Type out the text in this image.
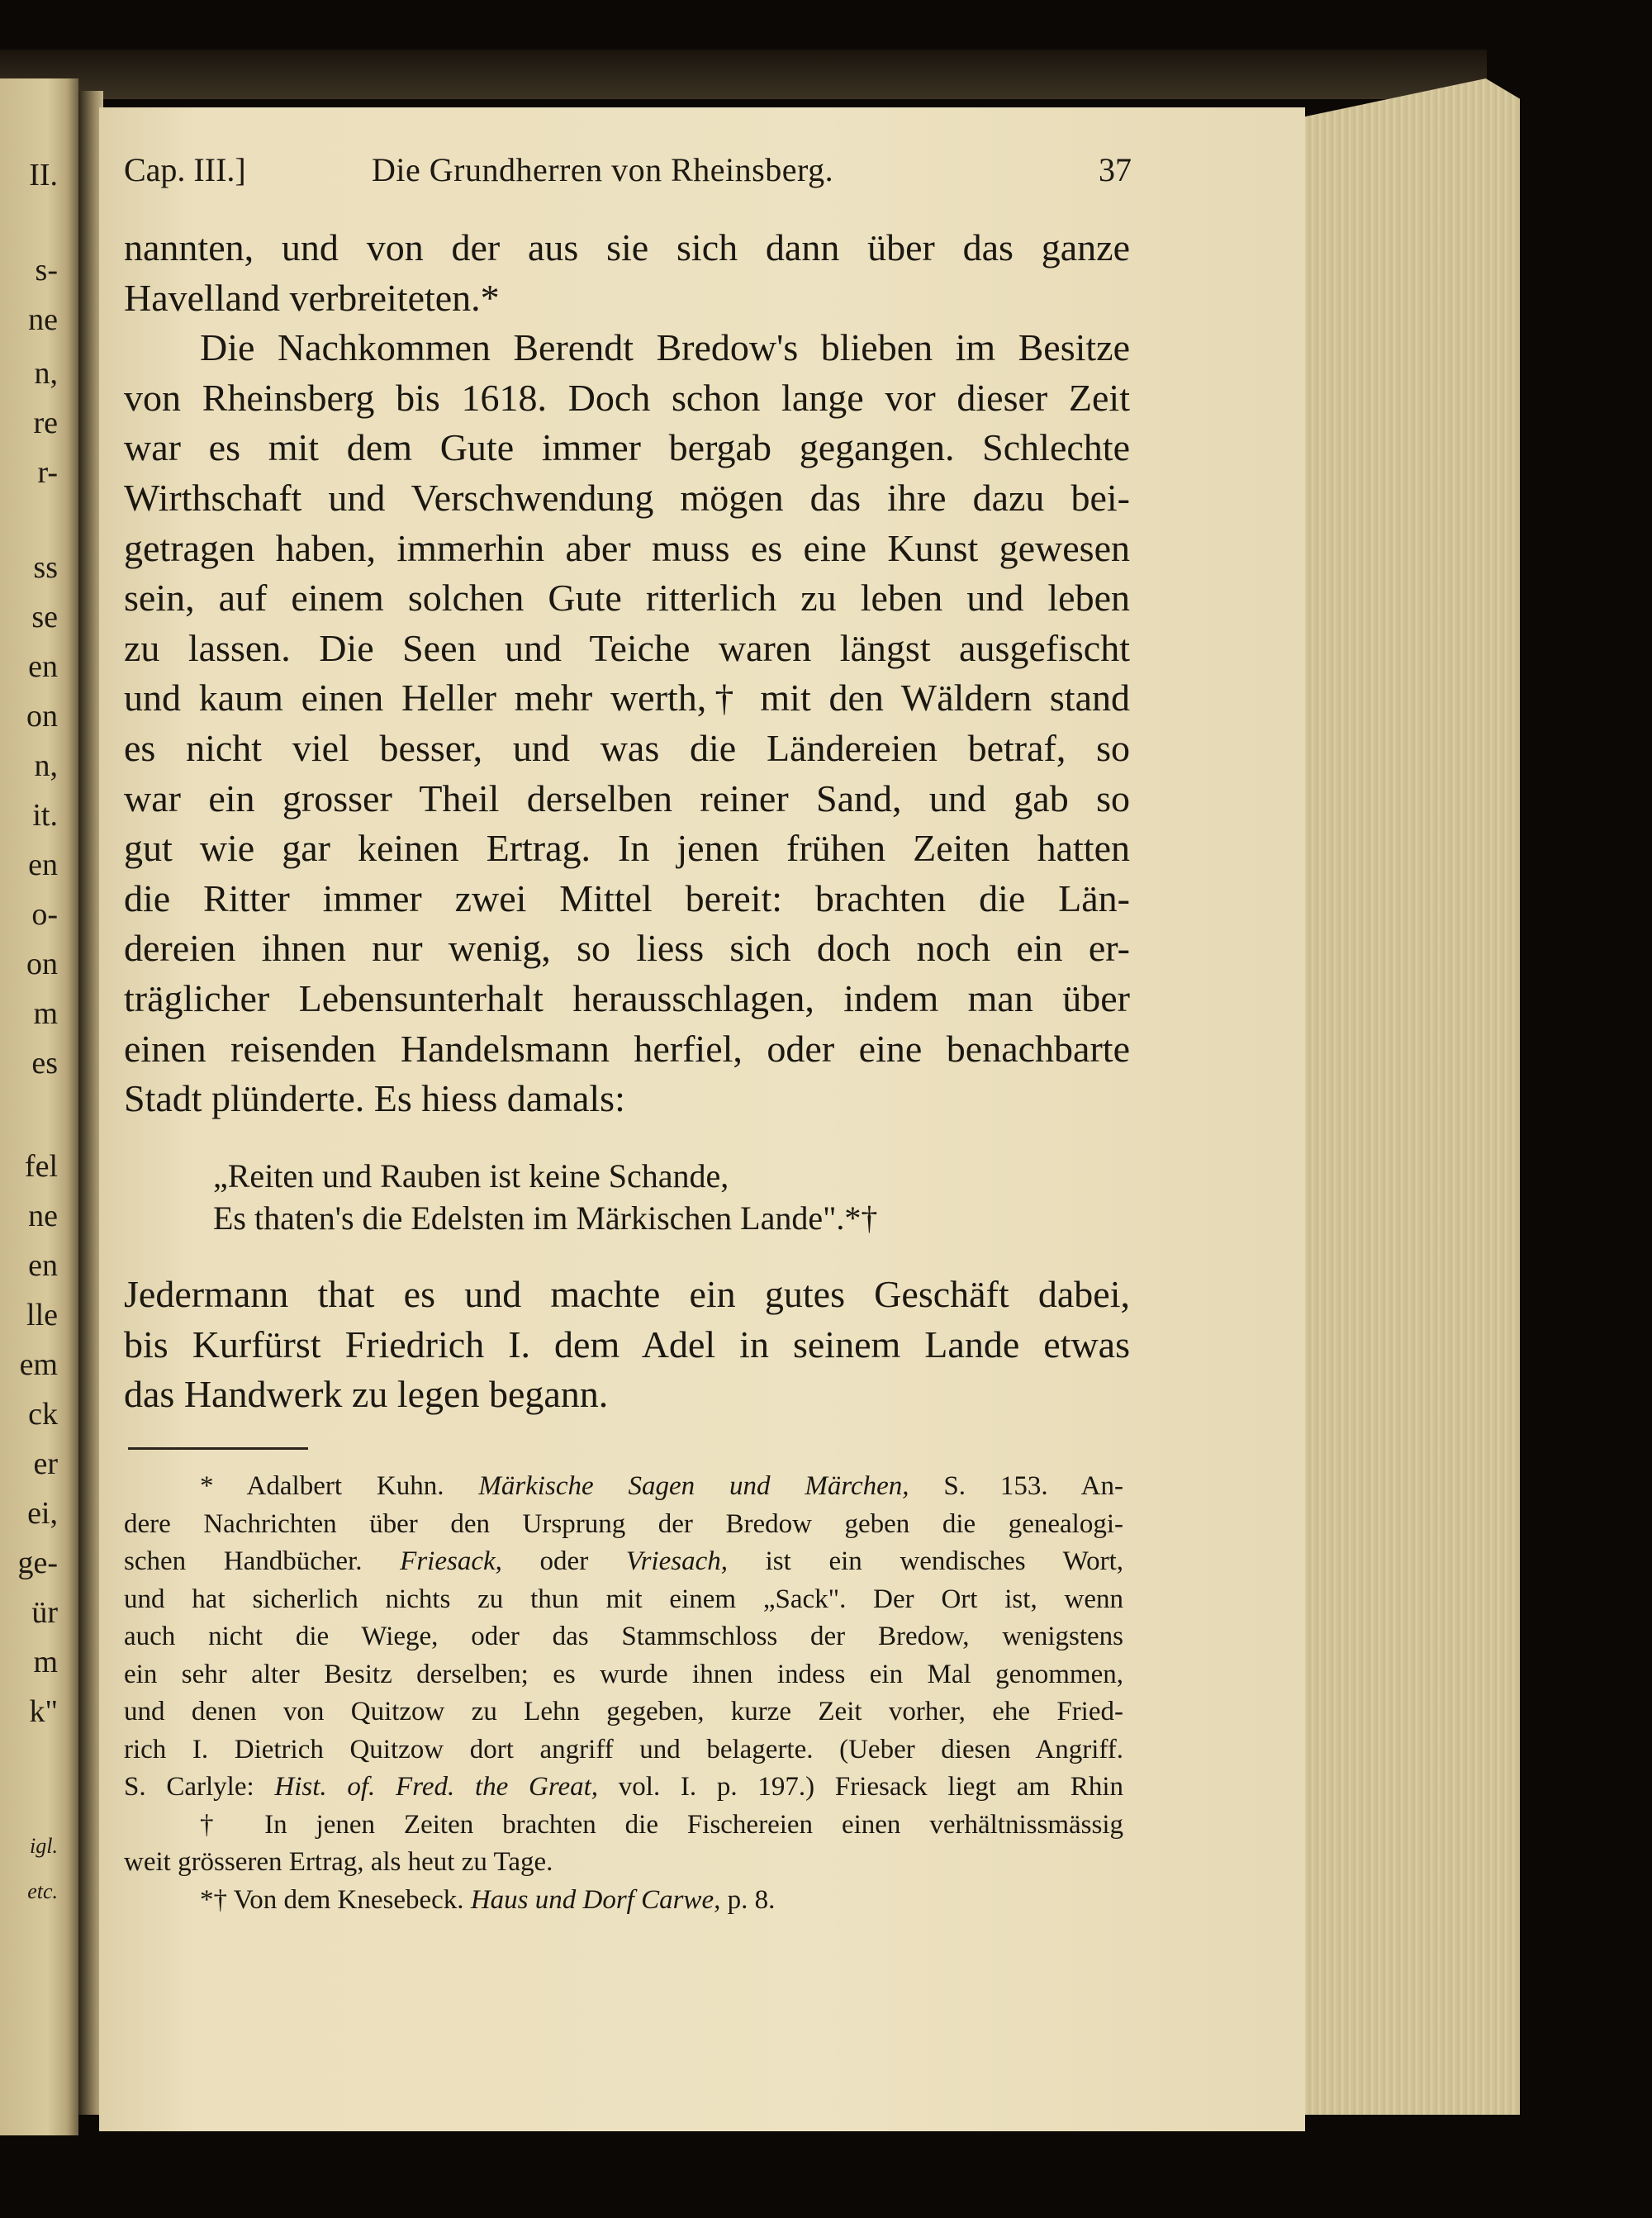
II.
s-
ne
n,
re
r-
ss
se
en
on
n,
it.
en
o-
on
m
es
fel
ne
en
lle
em
ck
er
ei,
ge-
ür
m
k"
igl.
etc.
Cap. III.]	Die Grundherren von Rheinsberg.	37
nannten, und von der aus sie sich dann über das ganze
Havelland verbreiteten.*
Die Nachkommen Berendt Bredow's blieben im Besitze
von Rheinsberg bis 1618. Doch schon lange vor dieser Zeit
war es mit dem Gute immer bergab gegangen. Schlechte
Wirthschaft und Verschwendung mögen das ihre dazu bei-
getragen haben, immerhin aber muss es eine Kunst gewesen
sein, auf einem solchen Gute ritterlich zu leben und leben
zu lassen. Die Seen und Teiche waren längst ausgefischt
und kaum einen Heller mehr werth,† mit den Wäldern stand
es nicht viel besser, und was die Ländereien betraf, so
war ein grosser Theil derselben reiner Sand, und gab so
gut wie gar keinen Ertrag. In jenen frühen Zeiten hatten
die Ritter immer zwei Mittel bereit: brachten die Län-
dereien ihnen nur wenig, so liess sich doch noch ein er-
träglicher Lebensunterhalt herausschlagen, indem man über
einen reisenden Handelsmann herfiel, oder eine benachbarte
Stadt plünderte. Es hiess damals:
„Reiten und Rauben ist keine Schande,
Es thaten's die Edelsten im Märkischen Lande".*†
Jedermann that es und machte ein gutes Geschäft dabei,
bis Kurfürst Friedrich I. dem Adel in seinem Lande etwas
das Handwerk zu legen begann.
* Adalbert Kuhn. Märkische Sagen und Märchen, S. 153. An-
dere Nachrichten über den Ursprung der Bredow geben die genealogi-
schen Handbücher. Friesack, oder Vriesach, ist ein wendisches Wort,
und hat sicherlich nichts zu thun mit einem „Sack". Der Ort ist, wenn
auch nicht die Wiege, oder das Stammschloss der Bredow, wenigstens
ein sehr alter Besitz derselben; es wurde ihnen indess ein Mal genommen,
und denen von Quitzow zu Lehn gegeben, kurze Zeit vorher, ehe Fried-
rich I. Dietrich Quitzow dort angriff und belagerte. (Ueber diesen Angriff.
S. Carlyle: Hist. of. Fred. the Great, vol. I. p. 197.) Friesack liegt am Rhin
† In jenen Zeiten brachten die Fischereien einen verhältnissmässig
weit grösseren Ertrag, als heut zu Tage.
*† Von dem Knesebeck. Haus und Dorf Carwe, p. 8.
